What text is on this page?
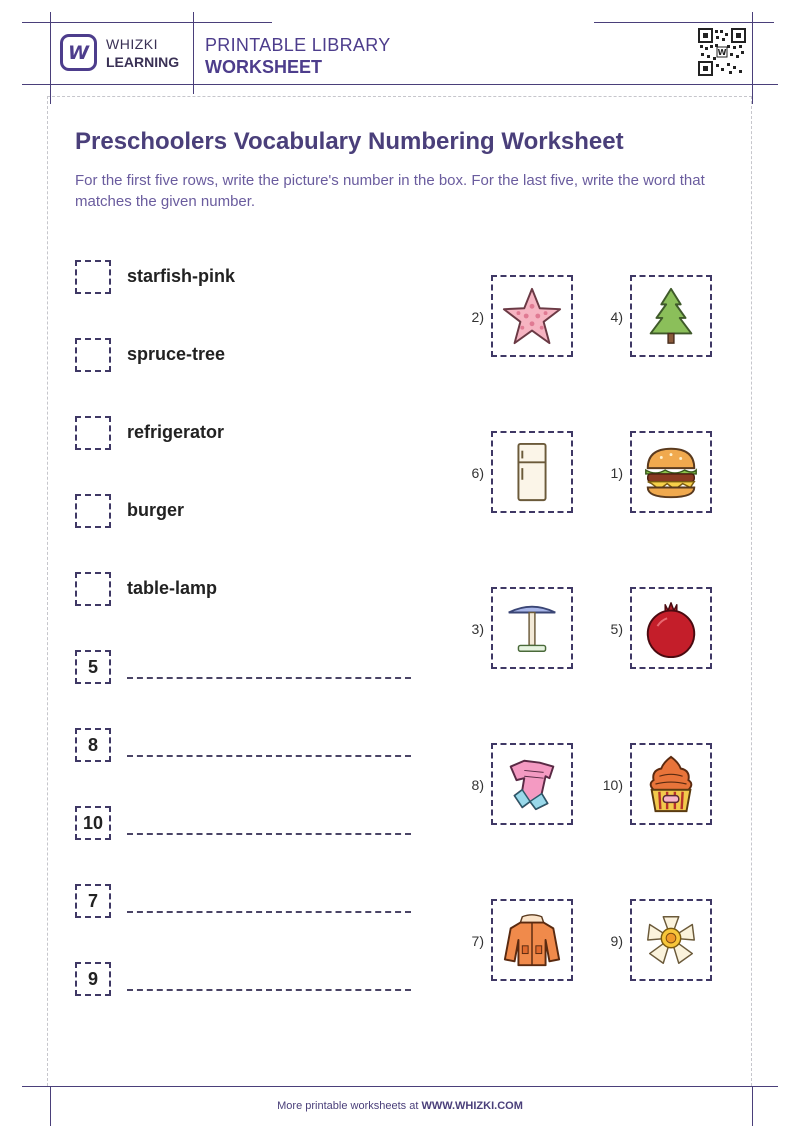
W WHIZKI
LEARNING
PRINTABLE LIBRARY
WORKSHEET
W
Preschoolers Vocabulary Numbering Worksheet
For the first five rows, write the picture's number in the box. For the last five, write the word that matches the given number.
starfish-pink
spruce-tree
refrigerator
burger
table-lamp
5
8
10
7
9
2)	4)
6)	1)
3)	5)
8)	10)
7)	9)
More printable worksheets at WWW.WHIZKI.COM
